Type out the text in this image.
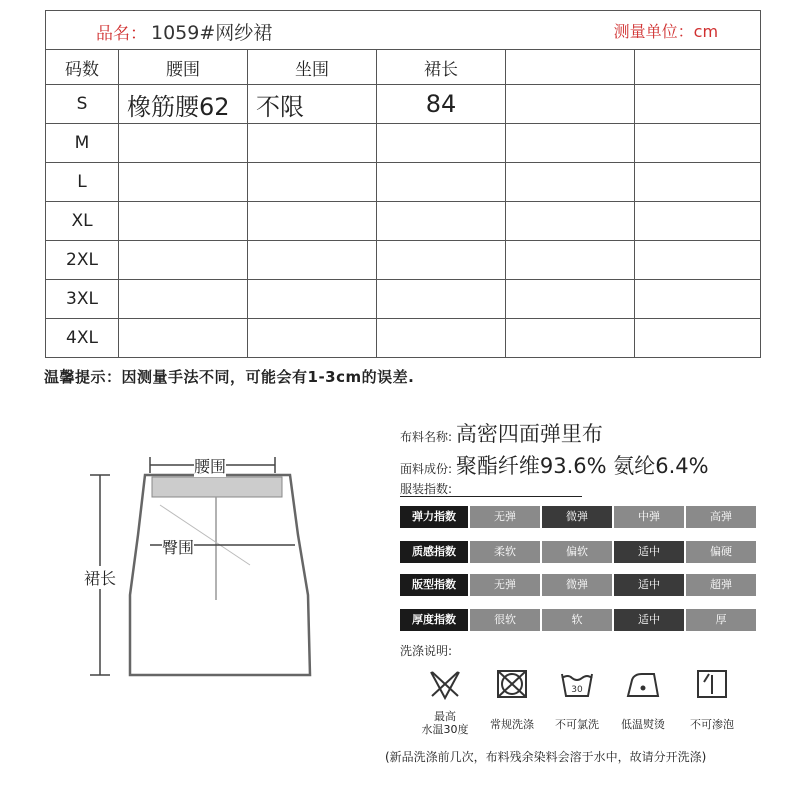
品名： 1059#网纱裙 测量单位：cm					

码数	腰围	坐围	裙长		
S	橡筋腰62	不限	84		
M					
L					
XL					
2XL					
3XL					
4XL					
温馨提示：因测量手法不同，可能会有1-3cm的误差.
腰围
臀围
裙长
布料名称: 高密四面弹里布
面料成份: 聚酯纤维93.6% 氨纶6.4%
服装指数:
弹力指数	无弹	微弹	中弹	高弹
质感指数	柔软	偏软	适中	偏硬
版型指数	无弹	微弹	适中	超弹
厚度指数	很软	软	适中	厚
洗涤说明:
30
最高
水温30度	常规洗涤	不可氯洗	低温熨烫	不可渗泡
(新品洗涤前几次，布料残余染料会溶于水中，故请分开洗涤)
